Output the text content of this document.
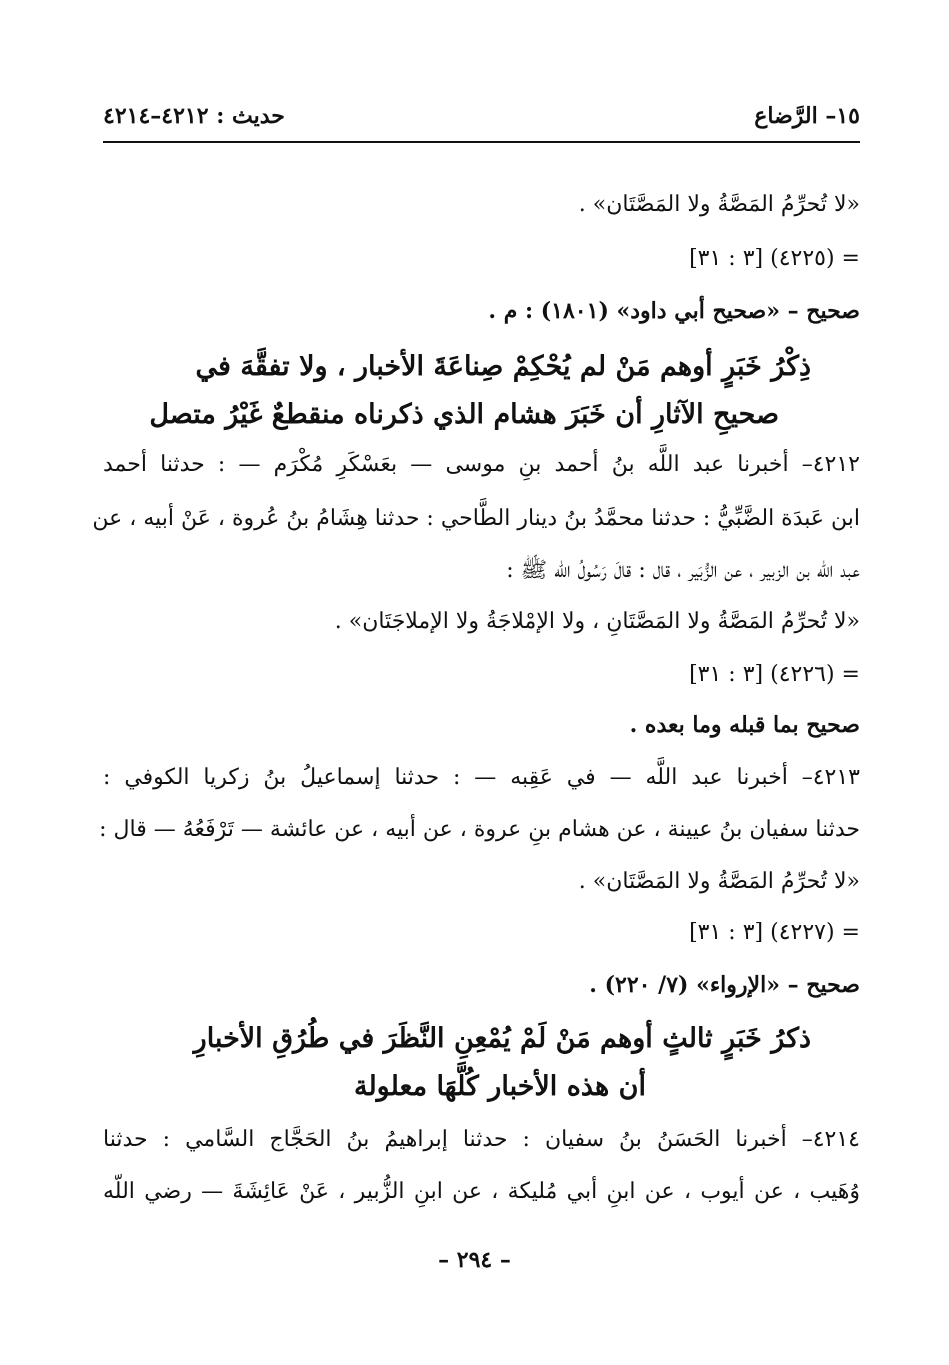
١٥– الرَّضاع
حديث : ٤٢١٢–٤٢١٤
«لا تُحرِّمُ المَصَّةُ ولا المَصَّتَان» .
= (٤٢٢٥) [٣ : ٣١]
صحيح – «صحيح أبي داود» (١٨٠١) : م .
ذِكْرُ خَبَرٍ أوهم مَنْ لم يُحْكِمْ صِناعَةَ الأخبار ، ولا تفقَّهَ في
صحيحِ الآثارِ أن خَبَرَ هشام الذي ذكرناه منقطعٌ غَيْرُ متصل
٤٢١٢– أخبرنا عبد اللَّه بنُ أحمد بنِ موسى — بعَسْكَرِ مُكْرَم — : حدثنا أحمد
ابن عَبدَة الضَّبِّيُّ : حدثنا محمَّدُ بنُ دينار الطَّاحي : حدثنا هِشَامُ بنُ عُروة ، عَنْ أبيه ، عن
عبد اللّه بن الزبير ، عن الزُّبَير ، قال : قالَ رَسُولُ اللّه ﷺ :
«لا تُحرِّمُ المَصَّةُ ولا المَصَّتَانِ ، ولا الإمْلاجَةُ ولا الإملاجَتَان» .
= (٤٢٢٦) [٣ : ٣١]
صحيح بما قبله وما بعده .
٤٢١٣– أخبرنا عبد اللَّه — في عَقِبه — : حدثنا إسماعيلُ بنُ زكريا الكوفي :
حدثنا سفيان بنُ عيينة ، عن هشام بنِ عروة ، عن أبيه ، عن عائشة — تَرْفَعُهُ — قال :
«لا تُحرِّمُ المَصَّةُ ولا المَصَّتَان» .
= (٤٢٢٧) [٣ : ٣١]
صحيح – «الإرواء» (٧/ ٢٢٠) .
ذكرُ خَبَرٍ ثالثٍ أوهم مَنْ لَمْ يُمْعِنِ النَّظَرَ في طُرُقِ الأخبارِ
أن هذه الأخبار كُلَّهَا معلولة
٤٢١٤– أخبرنا الحَسَنُ بنُ سفيان : حدثنا إبراهيمُ بنُ الحَجَّاج السَّامي : حدثنا
وُهَيب ، عن أيوب ، عن ابنِ أبي مُليكة ، عن ابنِ الزُّبير ، عَنْ عَائِشَةَ — رضي اللّه
– ٢٩٤ –
